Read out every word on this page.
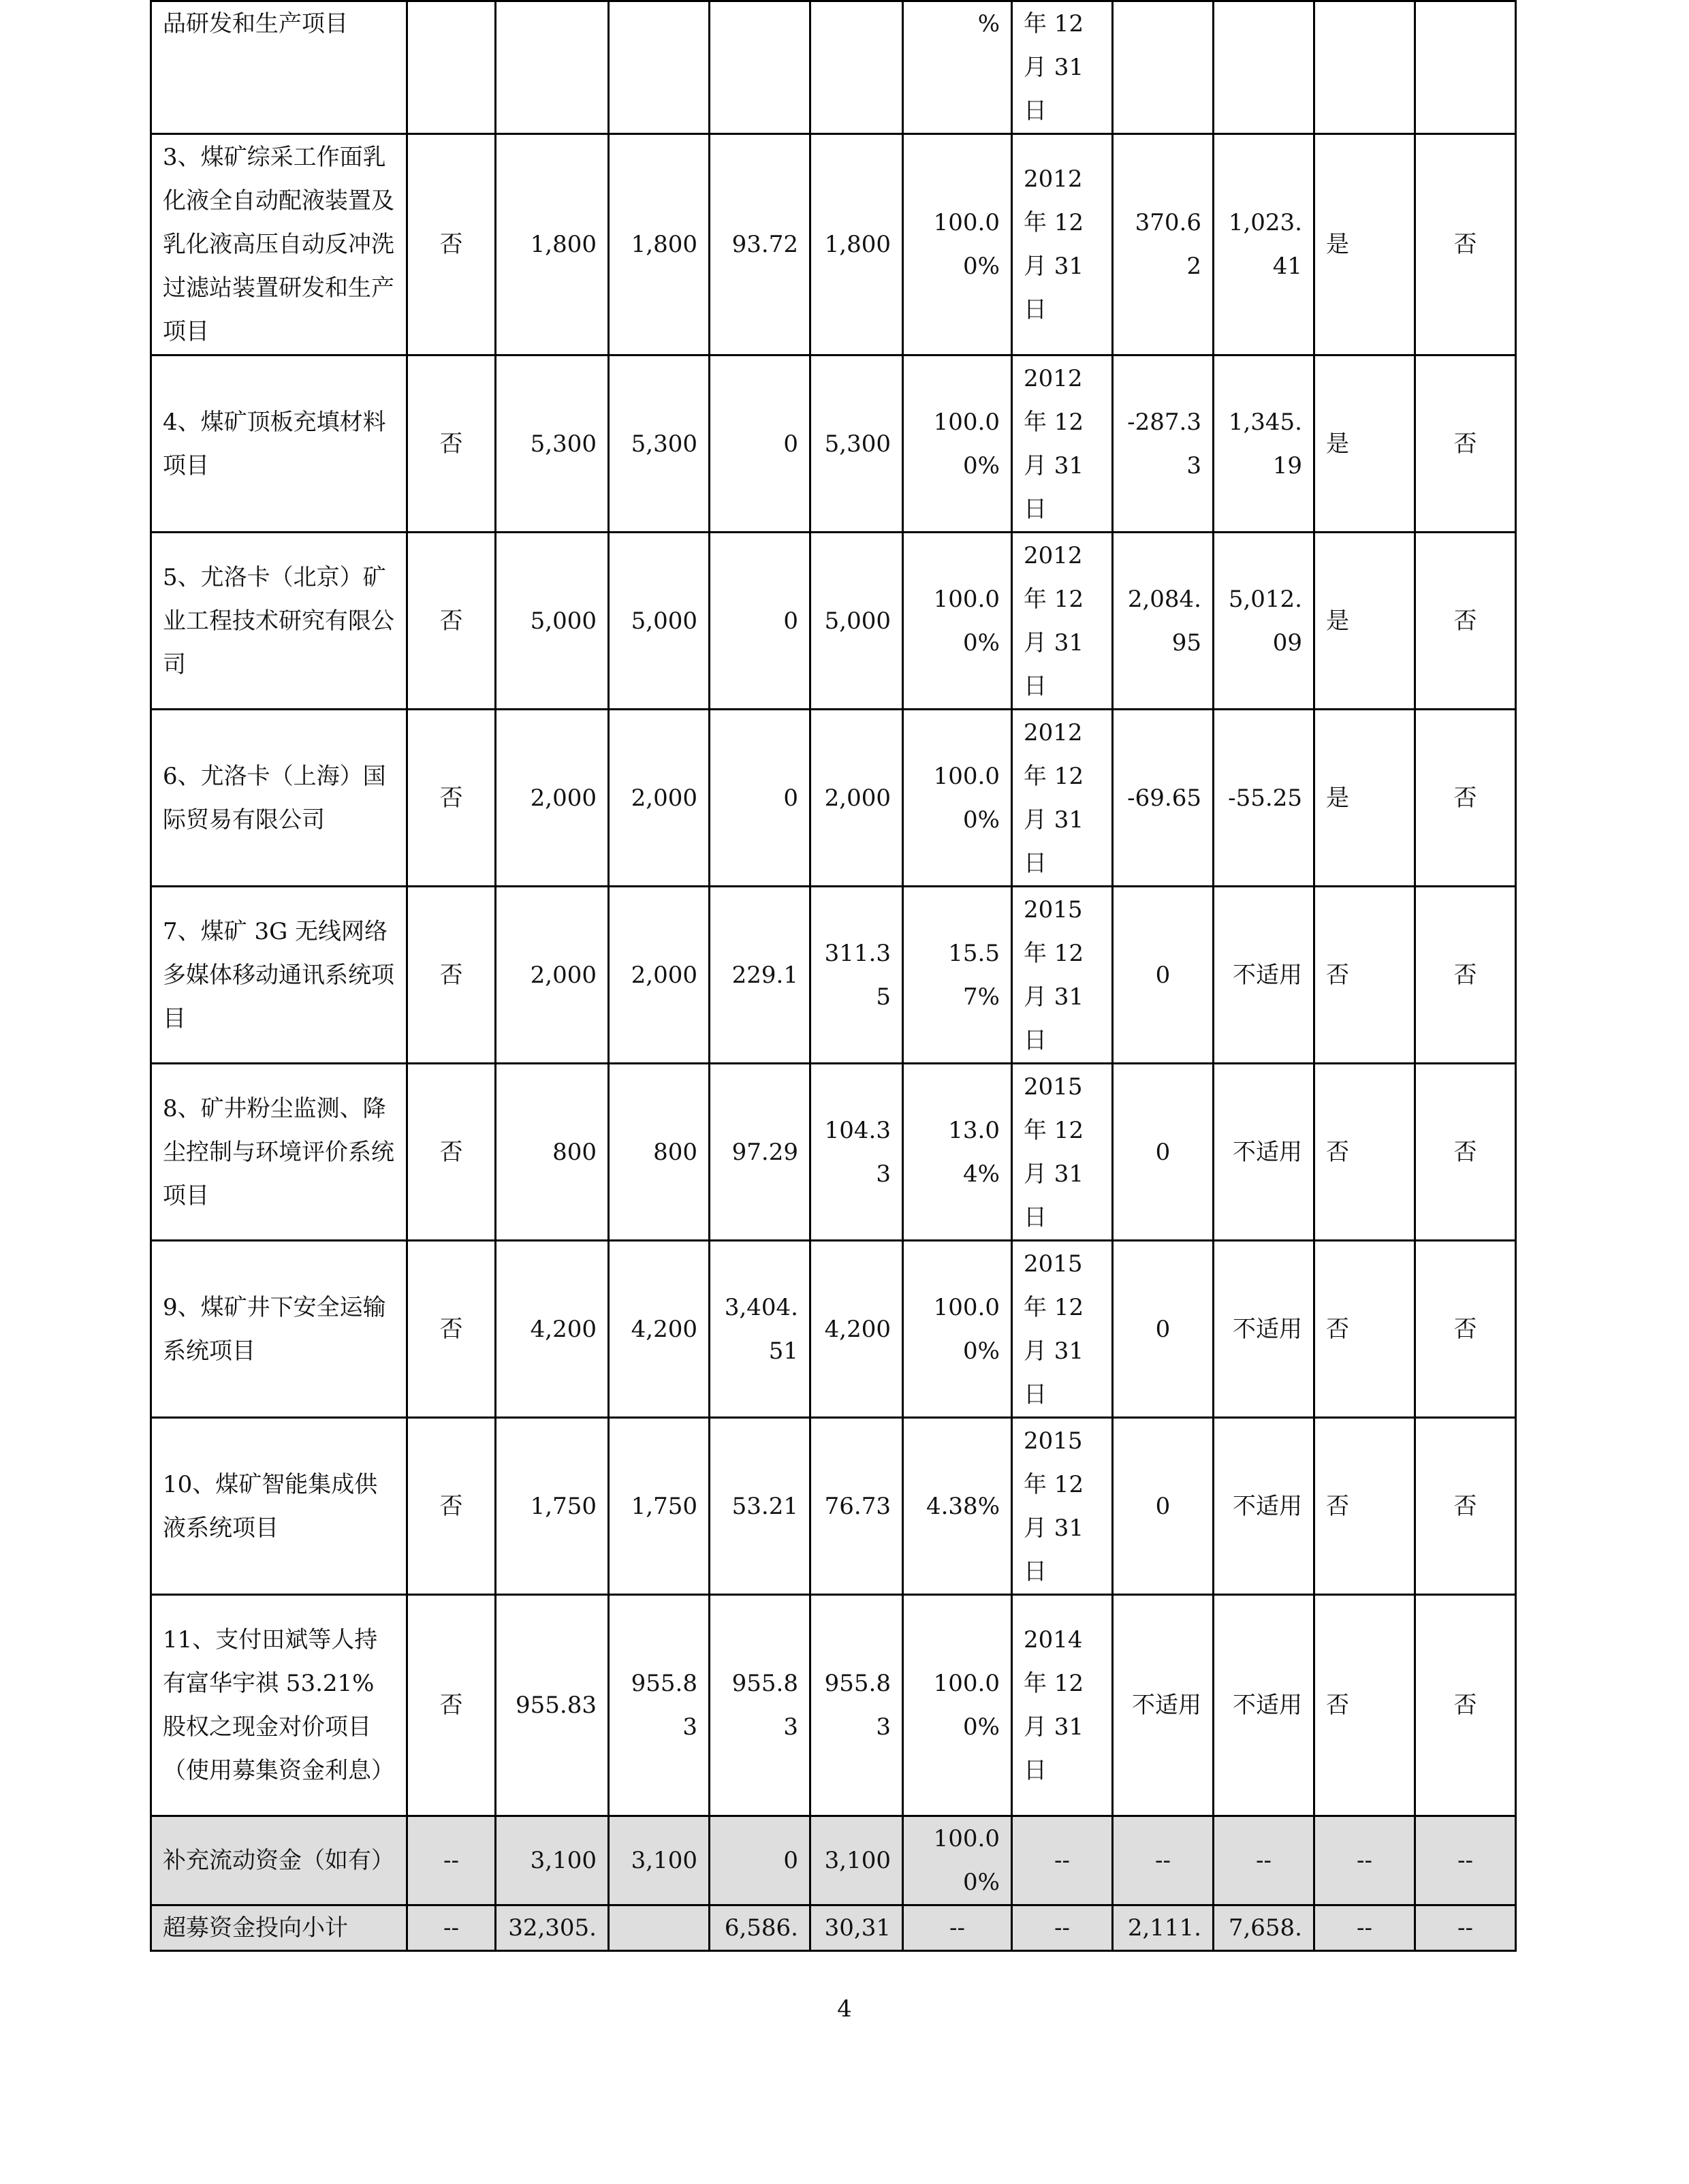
品研发和生产项目						%	年 12 月 31 日				

3、煤矿综采工作面乳化液全自动配液装置及乳化液高压自动反冲洗过滤站装置研发和生产项目	否	1,800	1,800	93.72	1,800	100.00%	2012 年 12 月 31 日	370.62	1,023.41	是	否

4、煤矿顶板充填材料项目	否	5,300	5,300	0	5,300	100.00%	2012 年 12 月 31 日	-287.33	1,345.19	是	否

5、尤洛卡（北京）矿业工程技术研究有限公司	否	5,000	5,000	0	5,000	100.00%	2012 年 12 月 31 日	2,084.95	5,012.09	是	否

6、尤洛卡（上海）国际贸易有限公司	否	2,000	2,000	0	2,000	100.00%	2012 年 12 月 31 日	-69.65	-55.25	是	否

7、煤矿 3G 无线网络多媒体移动通讯系统项目	否	2,000	2,000	229.1	311.35	15.57%	2015 年 12 月 31 日	0	不适用	否	否

8、矿井粉尘监测、降尘控制与环境评价系统项目	否	800	800	97.29	104.33	13.04%	2015 年 12 月 31 日	0	不适用	否	否

9、煤矿井下安全运输系统项目	否	4,200	4,200	3,404.51	4,200	100.00%	2015 年 12 月 31 日	0	不适用	否	否

10、煤矿智能集成供液系统项目	否	1,750	1,750	53.21	76.73	4.38%	2015 年 12 月 31 日	0	不适用	否	否

11、支付田斌等人持有富华宇祺 53.21%股权之现金对价项目（使用募集资金利息）	否	955.83	955.83	955.83	955.83	100.00%	2014 年 12 月 31 日	不适用	不适用	否	否

补充流动资金（如有）	--	3,100	3,100	0	3,100	100.00%	--	--	--	--	--

超募资金投向小计	--	32,305.		6,586.	30,31	--	--	2,111.	7,658.	--	--
4
